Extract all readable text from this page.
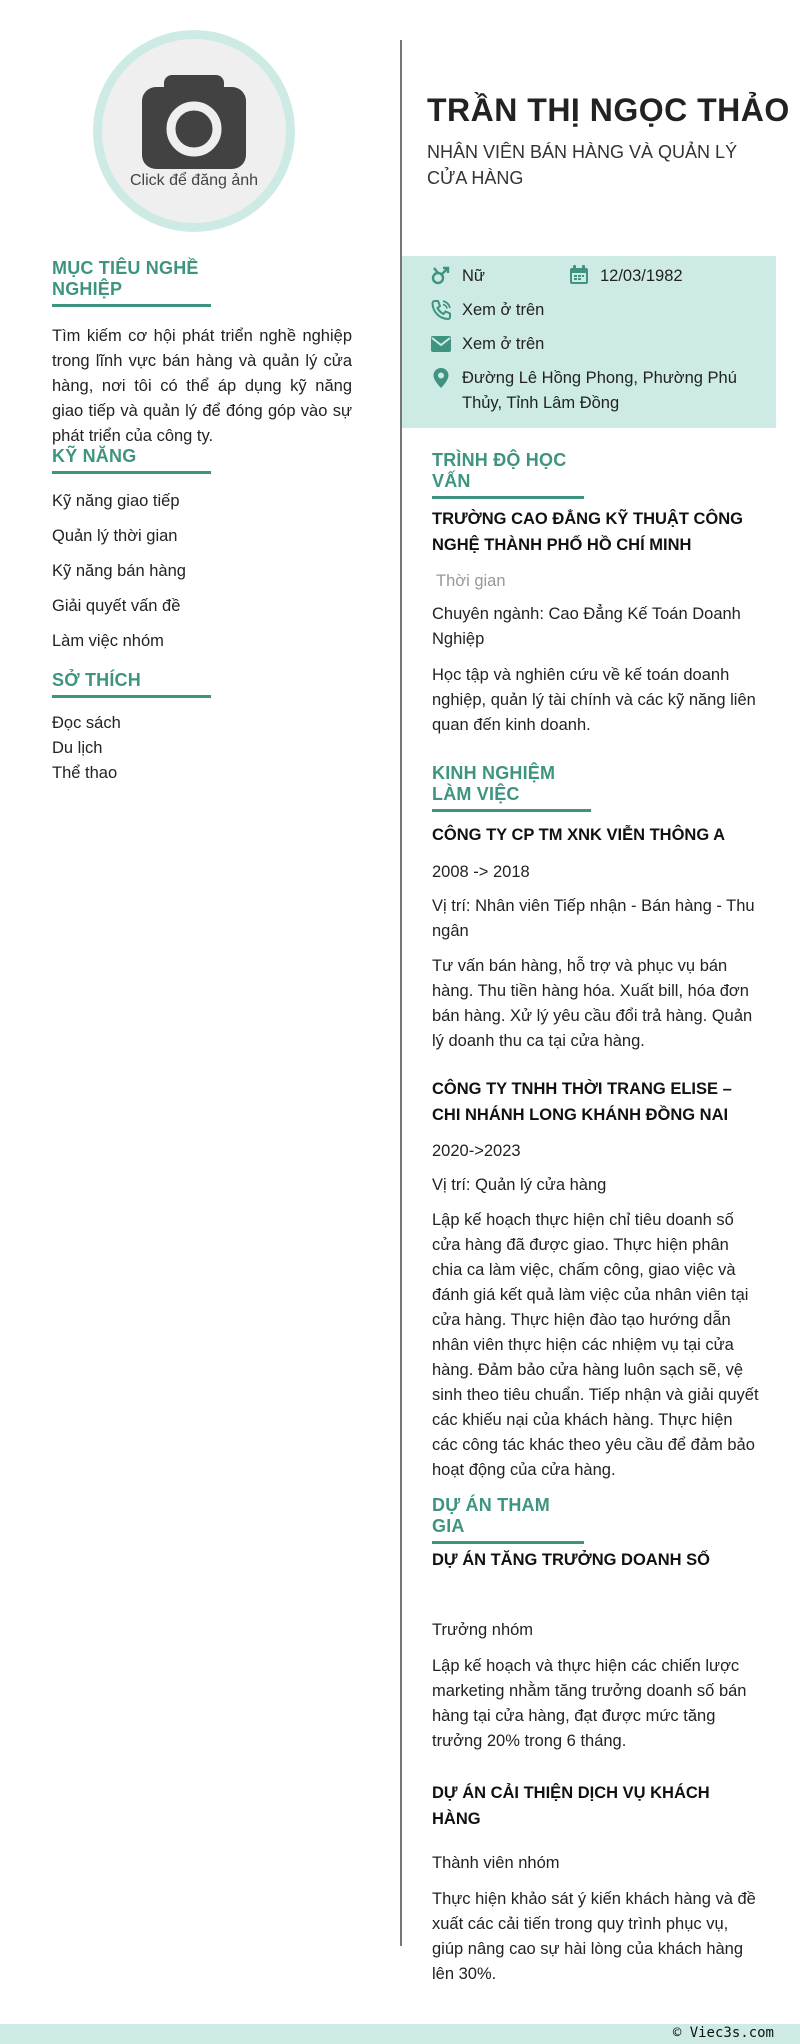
Click để đăng ảnh
MỤC TIÊU NGHỀ NGHIỆP
Tìm kiếm cơ hội phát triển nghề nghiệp trong lĩnh vực bán hàng và quản lý cửa hàng, nơi tôi có thể áp dụng kỹ năng giao tiếp và quản lý để đóng góp vào sự phát triển của công ty.
KỸ NĂNG
Kỹ năng giao tiếp
Quản lý thời gian
Kỹ năng bán hàng
Giải quyết vấn đề
Làm việc nhóm
SỞ THÍCH
Đọc sách
Du lịch
Thể thao
TRẦN THỊ NGỌC THẢO
NHÂN VIÊN BÁN HÀNG VÀ QUẢN LÝ CỬA HÀNG
Nữ	12/03/1982
Xem ở trên
Xem ở trên
Đường Lê Hồng Phong, Phường Phú Thủy, Tỉnh Lâm Đồng
TRÌNH ĐỘ HỌC VẤN
TRƯỜNG CAO ĐẲNG KỸ THUẬT CÔNG NGHỆ THÀNH PHỐ HỒ CHÍ MINH
Thời gian
Chuyên ngành: Cao Đẳng Kế Toán Doanh Nghiệp
Học tập và nghiên cứu về kế toán doanh nghiệp, quản lý tài chính và các kỹ năng liên quan đến kinh doanh.
KINH NGHIỆM LÀM VIỆC
CÔNG TY CP TM XNK VIỄN THÔNG A
2008 -> 2018
Vị trí: Nhân viên Tiếp nhận - Bán hàng - Thu ngân
Tư vấn bán hàng, hỗ trợ và phục vụ bán hàng. Thu tiền hàng hóa. Xuất bill, hóa đơn bán hàng. Xử lý yêu cầu đổi trả hàng. Quản lý doanh thu ca tại cửa hàng.
CÔNG TY TNHH THỜI TRANG ELISE – CHI NHÁNH LONG KHÁNH ĐỒNG NAI
2020->2023
Vị trí: Quản lý cửa hàng
Lập kế hoạch thực hiện chỉ tiêu doanh số cửa hàng đã được giao. Thực hiện phân chia ca làm việc, chấm công, giao việc và đánh giá kết quả làm việc của nhân viên tại cửa hàng. Thực hiện đào tạo hướng dẫn nhân viên thực hiện các nhiệm vụ tại cửa hàng. Đảm bảo cửa hàng luôn sạch sẽ, vệ sinh theo tiêu chuẩn. Tiếp nhận và giải quyết các khiếu nại của khách hàng. Thực hiện các công tác khác theo yêu cầu để đảm bảo hoạt động của cửa hàng.
DỰ ÁN THAM GIA
DỰ ÁN TĂNG TRƯỞNG DOANH SỐ
Trưởng nhóm
Lập kế hoạch và thực hiện các chiến lược marketing nhằm tăng trưởng doanh số bán hàng tại cửa hàng, đạt được mức tăng trưởng 20% trong 6 tháng.
DỰ ÁN CẢI THIỆN DỊCH VỤ KHÁCH HÀNG
Thành viên nhóm
Thực hiện khảo sát ý kiến khách hàng và đề xuất các cải tiến trong quy trình phục vụ, giúp nâng cao sự hài lòng của khách hàng lên 30%.
© Viec3s.com
